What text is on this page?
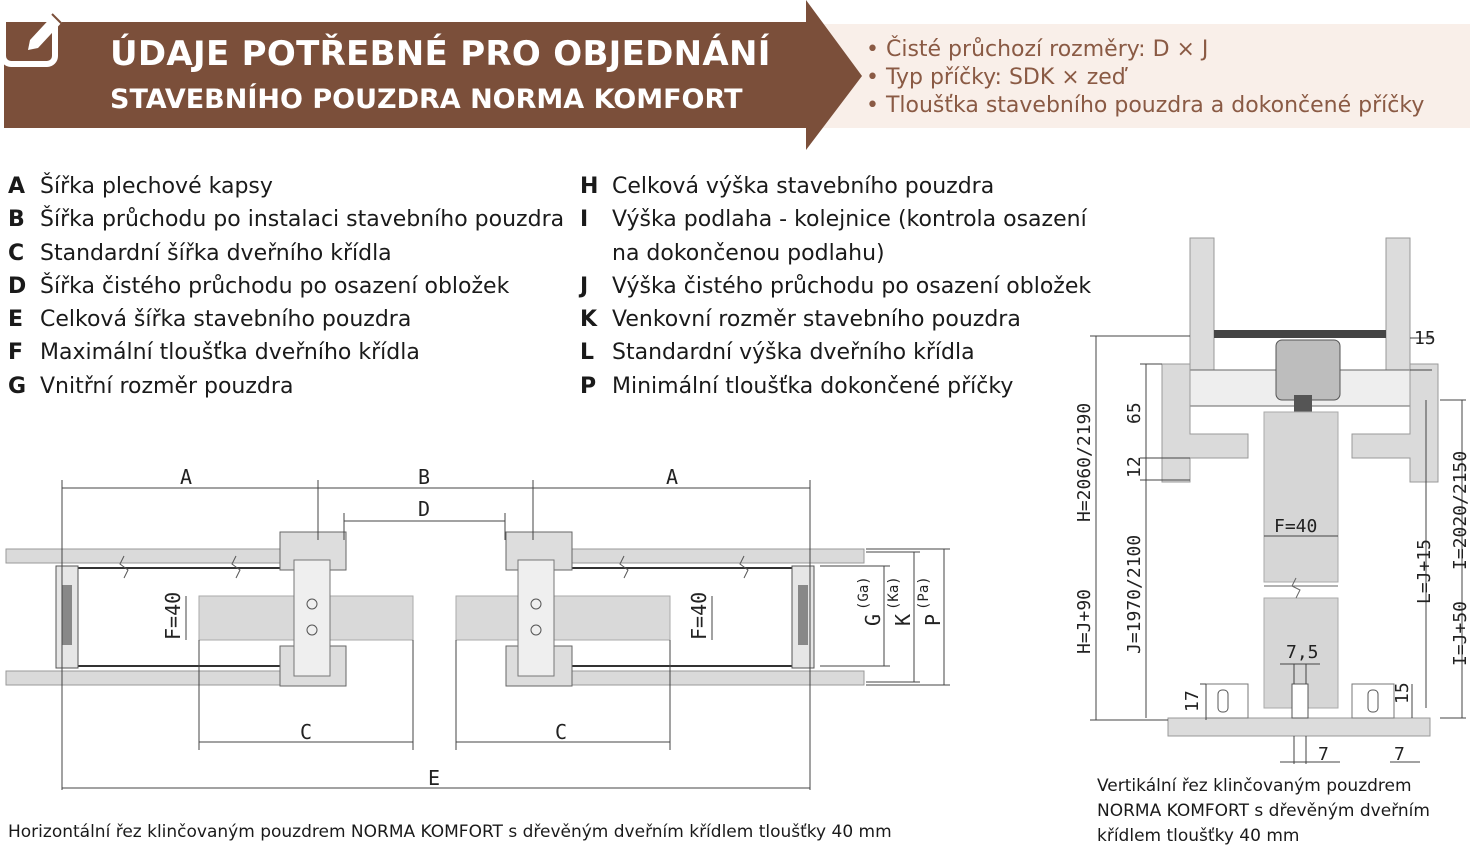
ÚDAJE POTŘEBNÉ PRO OBJEDNÁNÍ
STAVEBNÍHO POUZDRA NORMA KOMFORT
• Čisté průchozí rozměry: D × J
• Typ příčky: SDK × zeď
• Tloušťka stavebního pouzdra a dokončené příčky
A Šířka plechové kapsy
B Šířka průchodu po instalaci stavebního pouzdra
C Standardní šířka dveřního křídla
D Šířka čistého průchodu po osazení obložek
E Celková šířka stavebního pouzdra
F Maximální tloušťka dveřního křídla
G Vnitřní rozměr pouzdra
H Celková výška stavebního pouzdra
I	Výška podlaha - kolejnice (kontrola osazení
na dokončenou podlahu)
J	Výška čistého průchodu po osazení obložek
K Venkovní rozměr stavebního pouzdra
L Standardní výška dveřního křídla
P Minimální tloušťka dokončené příčky
A	B	A
D
C	C
E
F=40	F=40	G
(Ga)
K
(Ka)
P
(Pa)
15
65
12
H=2060/2190
J=1970/2100
H=J+90
F=40
L=J+15
I=2020/2150
I=J+50
7,5
17	15
7	7
Horizontální řez klinčovaným pouzdrem NORMA KOMFORT s dřevěným dveřním křídlem tloušťky 40 mm
Vertikální řez klinčovaným pouzdrem NORMA KOMFORT s dřevěným dveřním křídlem tloušťky 40 mm
